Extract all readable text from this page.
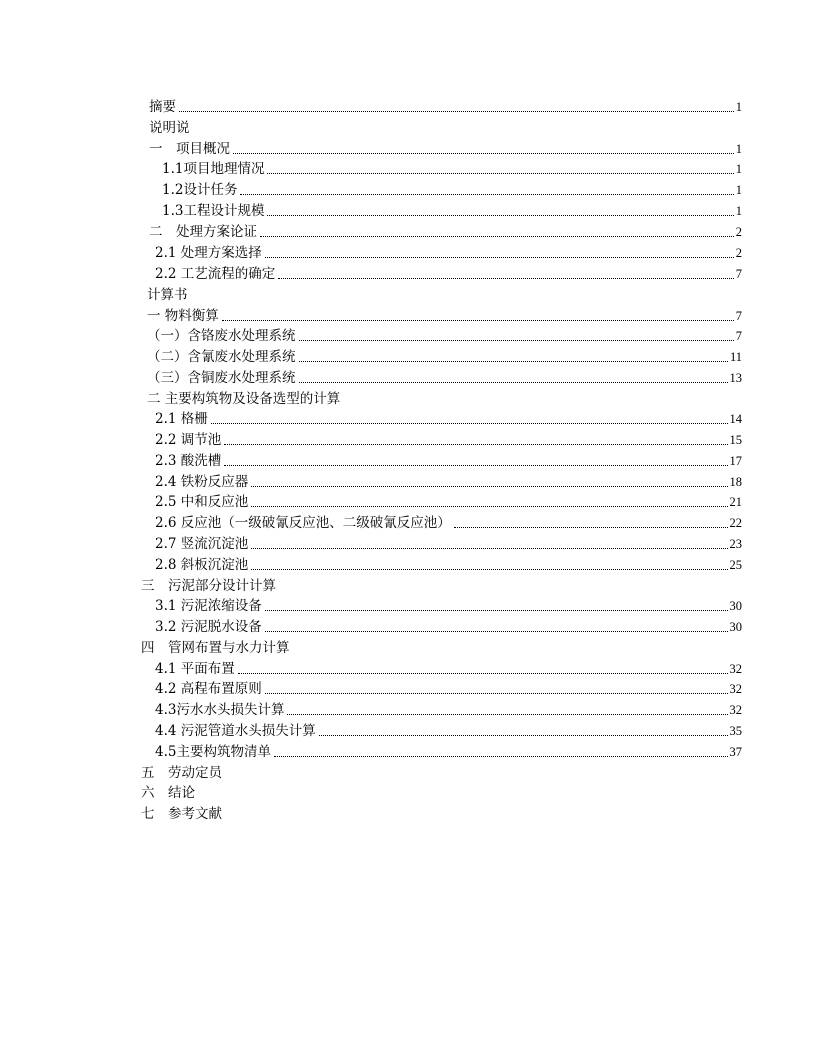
摘要	1
说明说
一　项目概况	1
1.1项目地理情况	1
1.2设计任务	1
1.3工程设计规模	1
二　处理方案论证	2
2.1 处理方案选择	2
2.2 工艺流程的确定	7
计算书
一 物料衡算	7
（一）含铬废水处理系统	7
（二）含氰废水处理系统	11
（三）含铜废水处理系统	13
二 主要构筑物及设备选型的计算
2.1 格栅	14
2.2 调节池	15
2.3 酸洗槽	17
2.4 铁粉反应器	18
2.5 中和反应池	21
2.6 反应池（一级破氰反应池、二级破氰反应池）	22
2.7 竖流沉淀池	23
2.8 斜板沉淀池	25
三　污泥部分设计计算
3.1 污泥浓缩设备	30
3.2 污泥脱水设备	30
四　管网布置与水力计算
4.1 平面布置	32
4.2 高程布置原则	32
4.3污水水头损失计算	32
4.4 污泥管道水头损失计算	35
4.5主要构筑物清单	37
五　劳动定员
六　结论
七　参考文献
